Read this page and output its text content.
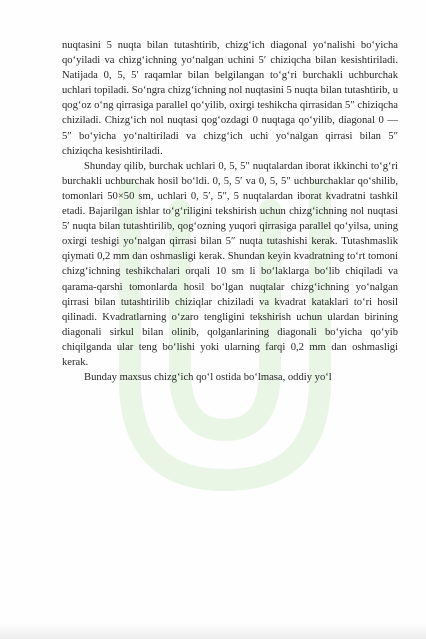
nuqtasini 5 nuqta bilan tutashtirib, chizg‘ich diagonal yo‘nalishi bo‘yicha qo‘yiladi va chizg‘ichning yo‘nalgan uchini 5′ chiziqcha bilan kesishtiriladi. Natijada 0, 5, 5′ raqamlar bilan belgilangan to‘g‘ri burchakli uchburchak uchlari topiladi. So‘ngra chizg‘ichning nol nuqtasini 5 nuqta bilan tutashtirib, u qog‘oz o‘ng qirrasiga parallel qo‘yilib, oxirgi teshikcha qirrasidan 5″ chiziqcha chiziladi. Chizg‘ich nol nuqtasi qog‘ozdagi 0 nuqtaga qo‘yilib, diagonal 0 — 5″ bo‘yicha yo‘naltiriladi va chizg‘ich uchi yo‘nalgan qirrasi bilan 5″ chiziqcha kesishtiriladi.

Shunday qilib, burchak uchlari 0, 5, 5″ nuqtalardan iborat ikkinchi to‘g‘ri burchakli uchburchak hosil bo‘ldi. 0, 5, 5′ va 0, 5, 5″ uchburchaklar qo‘shilib, tomonlari 50×50 sm, uchlari 0, 5′, 5″, 5 nuqtalardan iborat kvadratni tashkil etadi. Bajarilgan ishlar to‘g‘riligini tekshirish uchun chizg‘ichning nol nuqtasi 5′ nuqta bilan tutashtirilib, qog‘ozning yuqori qirrasiga parallel qo‘yilsa, uning oxirgi teshigi yo‘nalgan qirrasi bilan 5″ nuqta tutashishi kerak. Tutashmaslik qiymati 0,2 mm dan oshmasligi kerak. Shundan keyin kvadratning to‘rt tomoni chizg‘ichning teshikchalari orqali 10 sm li bo‘laklarga bo‘lib chiqiladi va qarama-qarshi tomonlarda hosil bo‘lgan nuqtalar chizg‘ichning yo‘nalgan qirrasi bilan tutashtirilib chiziqlar chiziladi va kvadrat kataklari to‘ri hosil qilinadi. Kvadratlarning o‘zaro tengligini tekshirish uchun ulardan birining diagonali sirkul bilan olinib, qolganlarining diagonali bo‘yicha qo‘yib chiqilganda ular teng bo‘lishi yoki ularning farqi 0,2 mm dan oshmasligi kerak.

Bunday maxsus chizg‘ich qo‘l ostida bo‘lmasa, oddiy yo‘l
